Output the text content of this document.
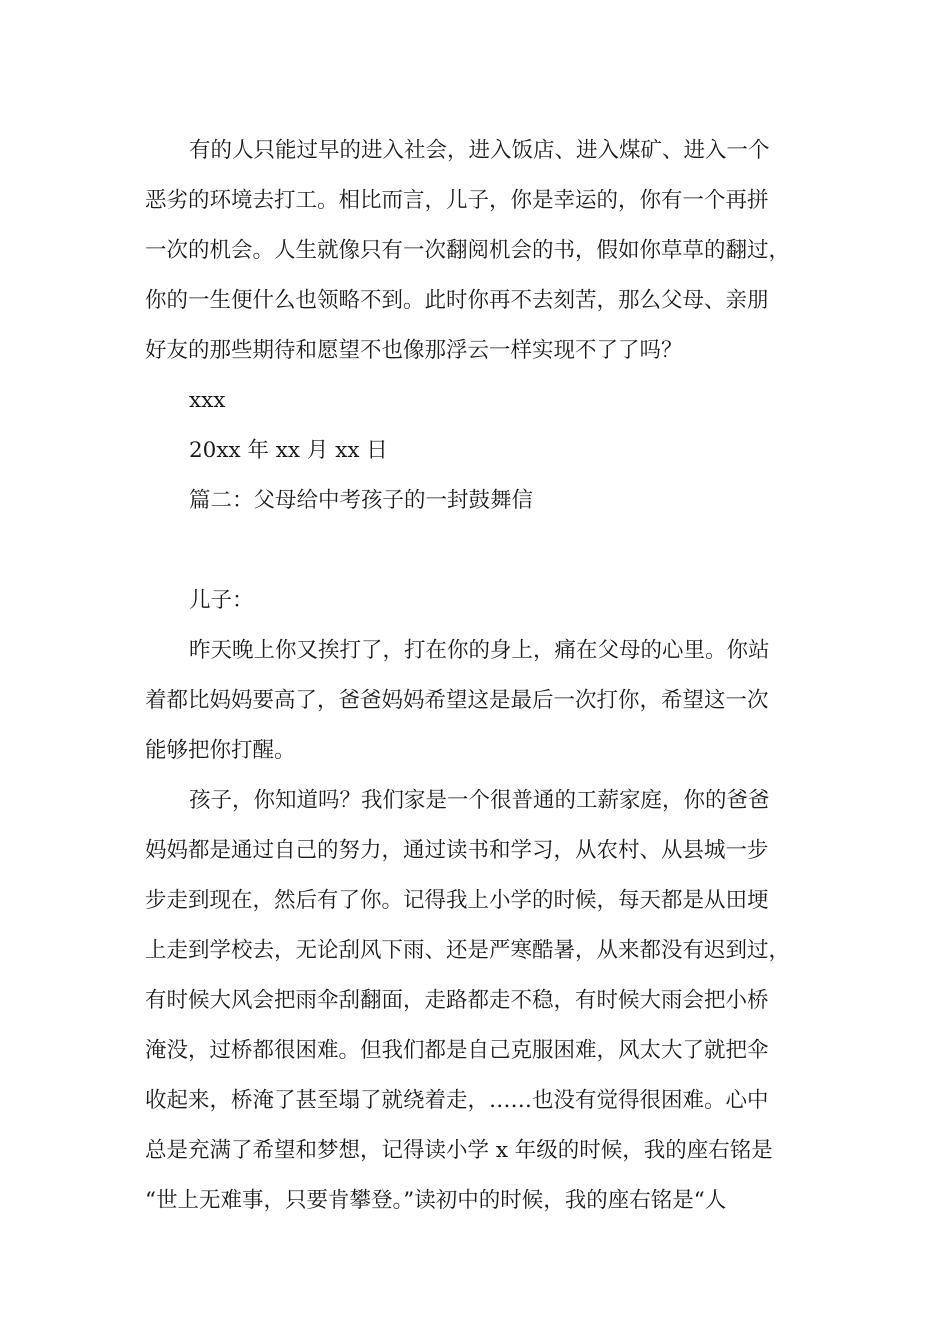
有的人只能过早的进入社会，进入饭店、进入煤矿、进入一个
恶劣的环境去打工。相比而言，儿子，你是幸运的，你有一个再拼
一次的机会。人生就像只有一次翻阅机会的书，假如你草草的翻过，
你的一生便什么也领略不到。此时你再不去刻苦，那么父母、亲朋
好友的那些期待和愿望不也像那浮云一样实现不了了吗？
xxx
20xx 年 xx 月 xx 日
篇二：父母给中考孩子的一封鼓舞信
儿子：
昨天晚上你又挨打了，打在你的身上，痛在父母的心里。你站
着都比妈妈要高了，爸爸妈妈希望这是最后一次打你，希望这一次
能够把你打醒。
孩子，你知道吗？我们家是一个很普通的工薪家庭，你的爸爸
妈妈都是通过自己的努力，通过读书和学习，从农村、从县城一步
步走到现在，然后有了你。记得我上小学的时候，每天都是从田埂
上走到学校去，无论刮风下雨、还是严寒酷暑，从来都没有迟到过，
有时候大风会把雨伞刮翻面，走路都走不稳，有时候大雨会把小桥
淹没，过桥都很困难。但我们都是自己克服困难，风太大了就把伞
收起来，桥淹了甚至塌了就绕着走，……也没有觉得很困难。心中
总是充满了希望和梦想，记得读小学 x 年级的时候，我的座右铭是
“世上无难事，只要肯攀登。”读初中的时候，我的座右铭是“人
